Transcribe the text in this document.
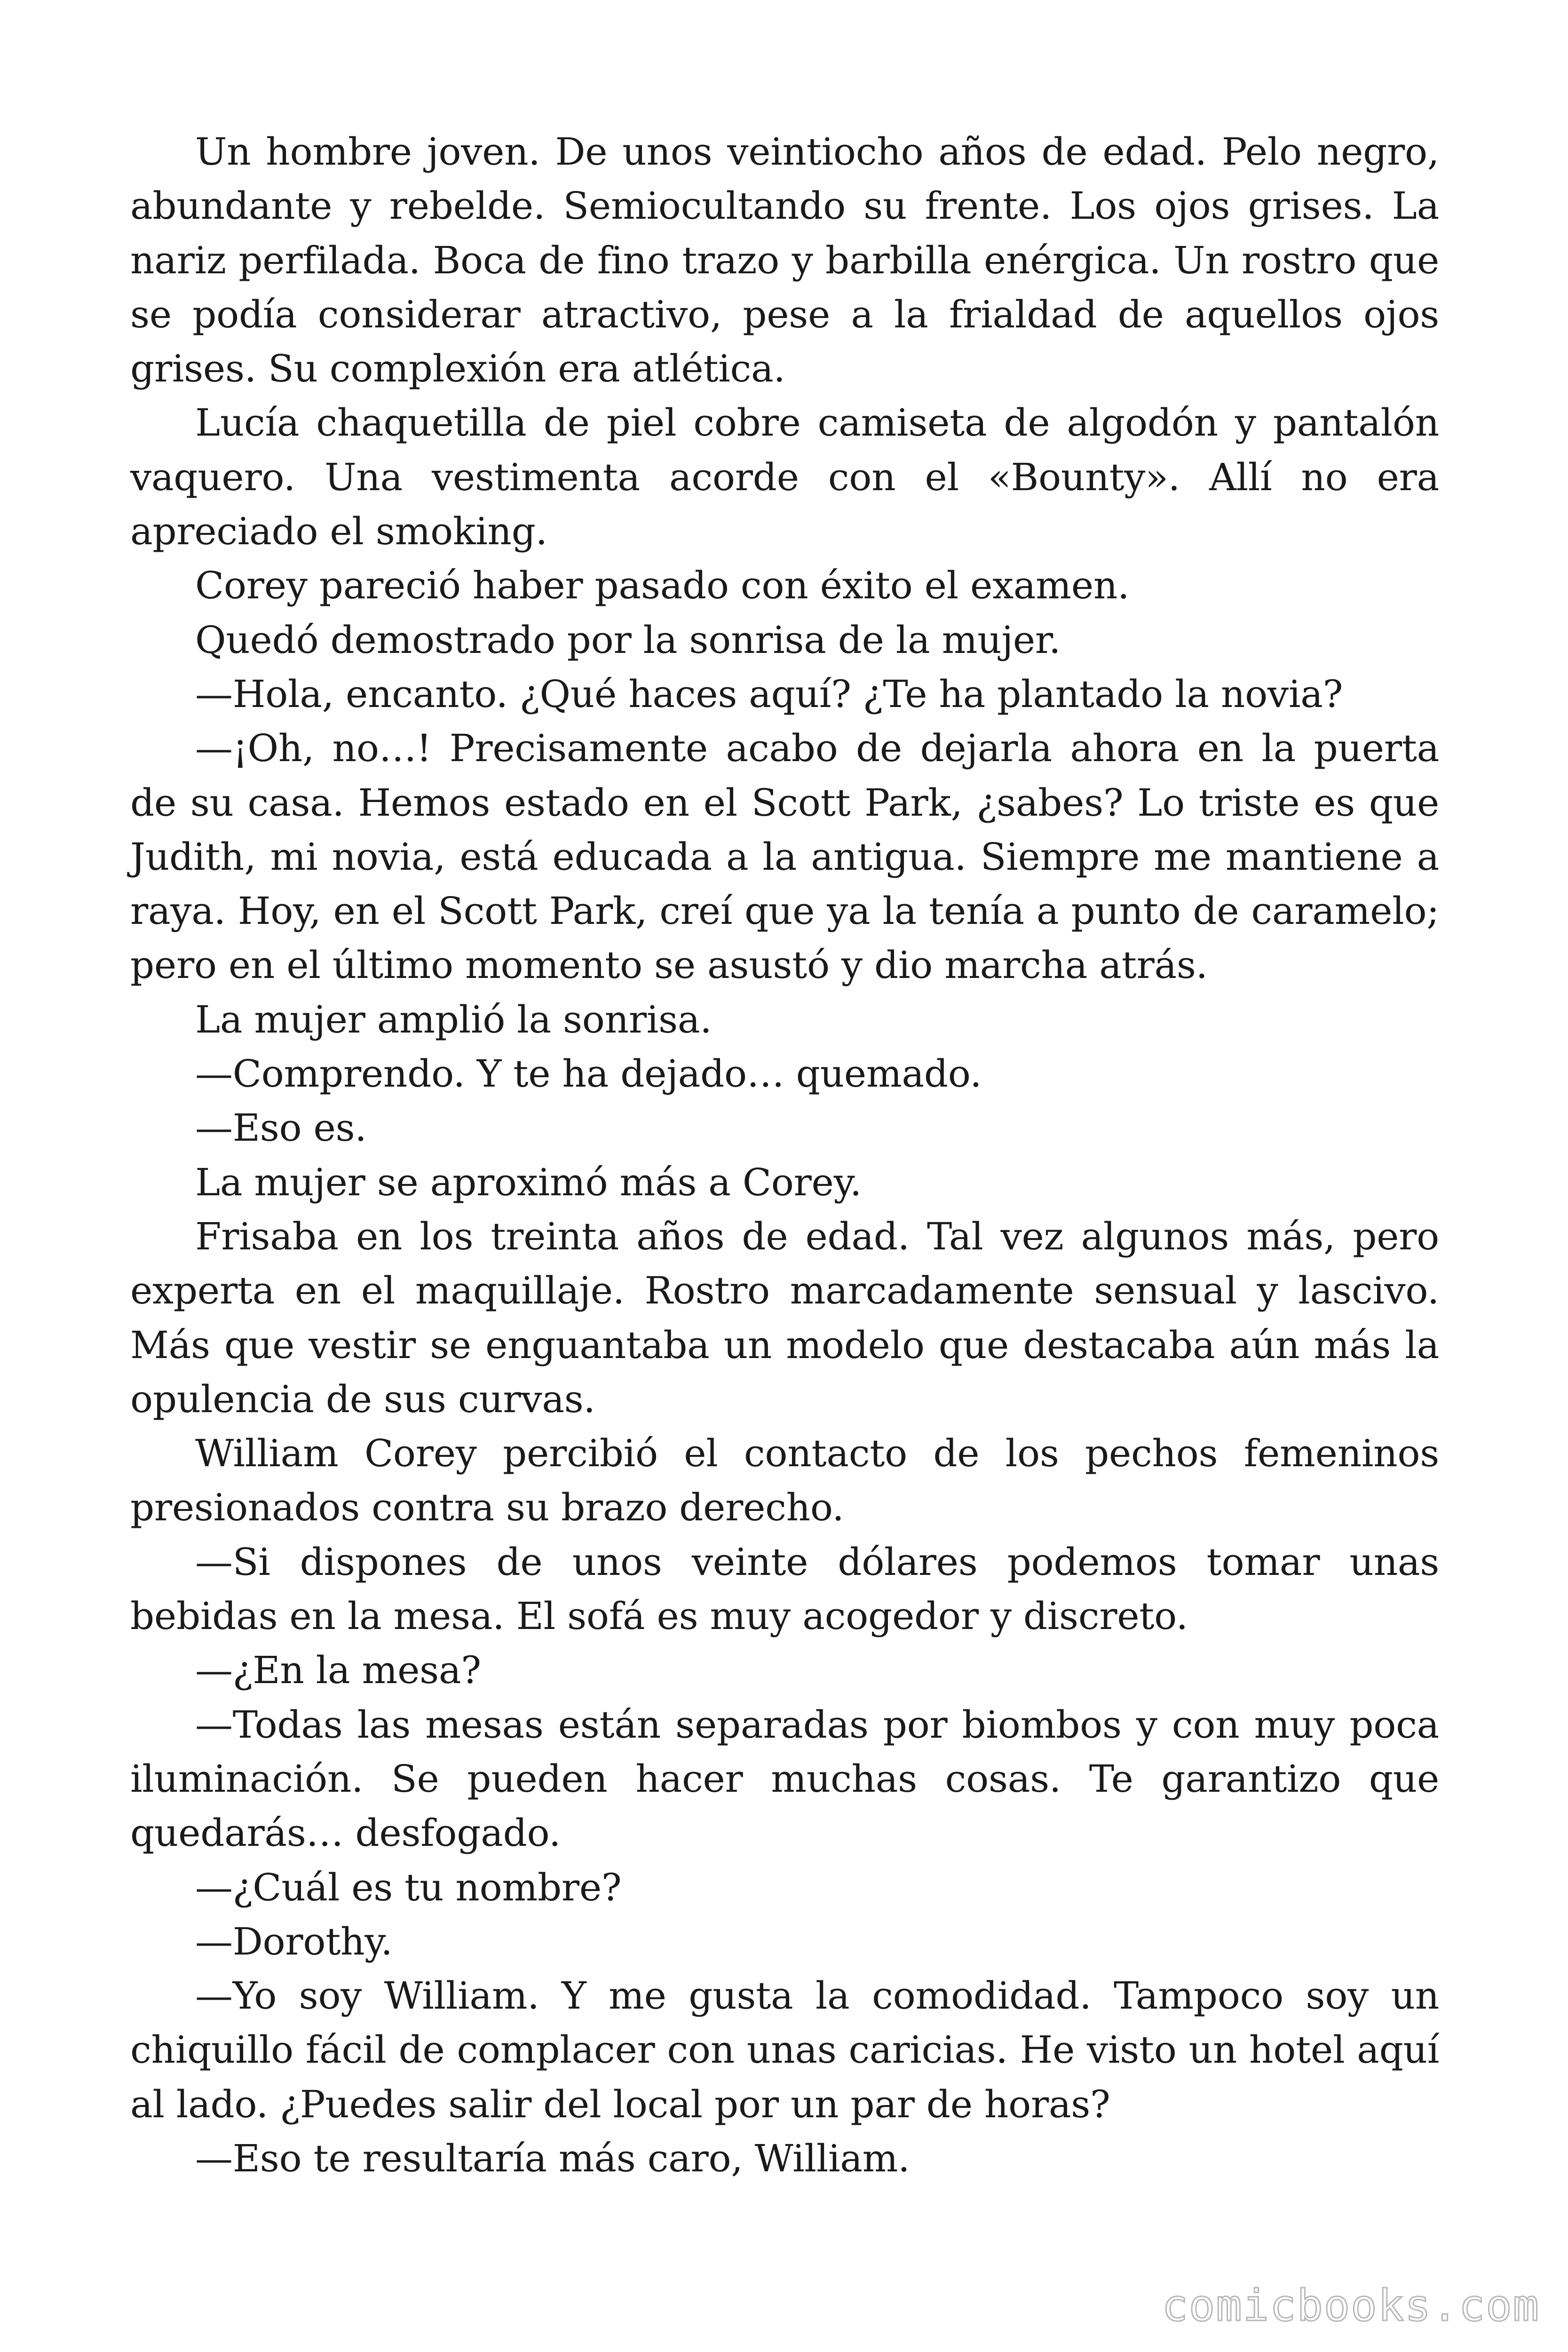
Un hombre joven. De unos veintiocho años de edad. Pelo negro, abundante y rebelde. Semiocultando su frente. Los ojos grises. La nariz perfilada. Boca de fino trazo y barbilla enérgica. Un rostro que se podía considerar atractivo, pese a la frialdad de aquellos ojos grises. Su complexión era atlética.

Lucía chaquetilla de piel cobre camiseta de algodón y pantalón vaquero. Una vestimenta acorde con el «Bounty». Allí no era apreciado el smoking.

Corey pareció haber pasado con éxito el examen.

Quedó demostrado por la sonrisa de la mujer.

—Hola, encanto. ¿Qué haces aquí? ¿Te ha plantado la novia?

—¡Oh, no…! Precisamente acabo de dejarla ahora en la puerta de su casa. Hemos estado en el Scott Park, ¿sabes? Lo triste es que Judith, mi novia, está educada a la antigua. Siempre me mantiene a raya. Hoy, en el Scott Park, creí que ya la tenía a punto de caramelo; pero en el último momento se asustó y dio marcha atrás.

La mujer amplió la sonrisa.

—Comprendo. Y te ha dejado… quemado.

—Eso es.

La mujer se aproximó más a Corey.

Frisaba en los treinta años de edad. Tal vez algunos más, pero experta en el maquillaje. Rostro marcadamente sensual y lascivo. Más que vestir se enguantaba un modelo que destacaba aún más la opulencia de sus curvas.

William Corey percibió el contacto de los pechos femeninos presionados contra su brazo derecho.

—Si dispones de unos veinte dólares podemos tomar unas bebidas en la mesa. El sofá es muy acogedor y discreto.

—¿En la mesa?

—Todas las mesas están separadas por biombos y con muy poca iluminación. Se pueden hacer muchas cosas. Te garantizo que quedarás… desfogado.

—¿Cuál es tu nombre?

—Dorothy.

—Yo soy William. Y me gusta la comodidad. Tampoco soy un chiquillo fácil de complacer con unas caricias. He visto un hotel aquí al lado. ¿Puedes salir del local por un par de horas?

—Eso te resultaría más caro, William.

comicbooks.com
